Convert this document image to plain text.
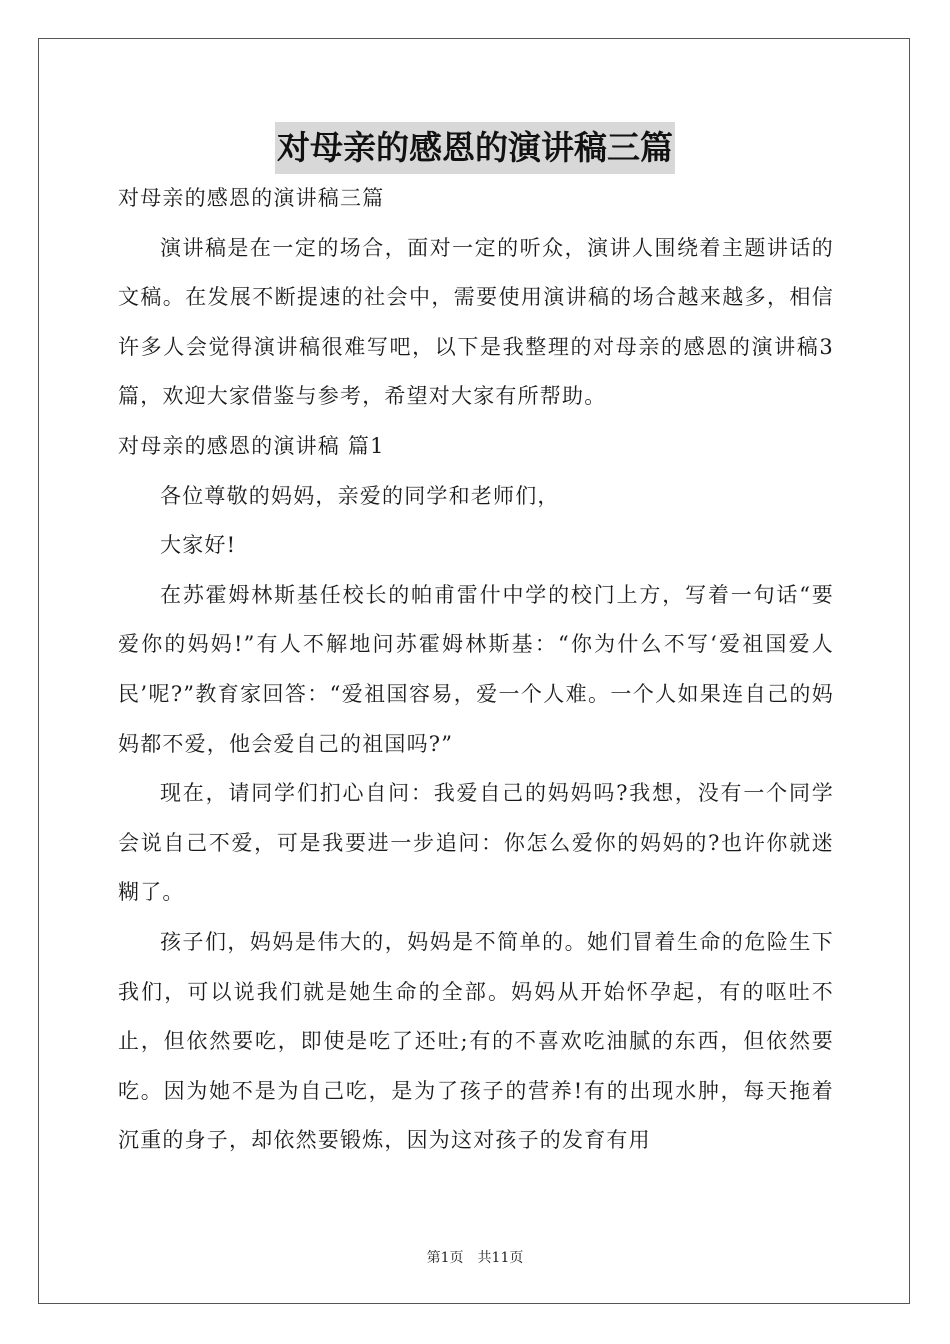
对母亲的感恩的演讲稿三篇

对母亲的感恩的演讲稿三篇

演讲稿是在一定的场合，面对一定的听众，演讲人围绕着主题讲话的文稿。在发展不断提速的社会中，需要使用演讲稿的场合越来越多，相信许多人会觉得演讲稿很难写吧，以下是我整理的对母亲的感恩的演讲稿3篇，欢迎大家借鉴与参考，希望对大家有所帮助。

对母亲的感恩的演讲稿 篇1

各位尊敬的妈妈，亲爱的同学和老师们，

大家好!

在苏霍姆林斯基任校长的帕甫雷什中学的校门上方，写着一句话“要爱你的妈妈!”有人不解地问苏霍姆林斯基：“你为什么不写‘爱祖国爱人民’呢?”教育家回答：“爱祖国容易，爱一个人难。一个人如果连自己的妈妈都不爱，他会爱自己的祖国吗?”

现在，请同学们扪心自问：我爱自己的妈妈吗?我想，没有一个同学会说自己不爱，可是我要进一步追问：你怎么爱你的妈妈的?也许你就迷糊了。

孩子们，妈妈是伟大的，妈妈是不简单的。她们冒着生命的危险生下我们，可以说我们就是她生命的全部。妈妈从开始怀孕起，有的呕吐不止，但依然要吃，即使是吃了还吐;有的不喜欢吃油腻的东西，但依然要吃。因为她不是为自己吃，是为了孩子的营养!有的出现水肿，每天拖着沉重的身子，却依然要锻炼，因为这对孩子的发育有用

第1页　共11页
